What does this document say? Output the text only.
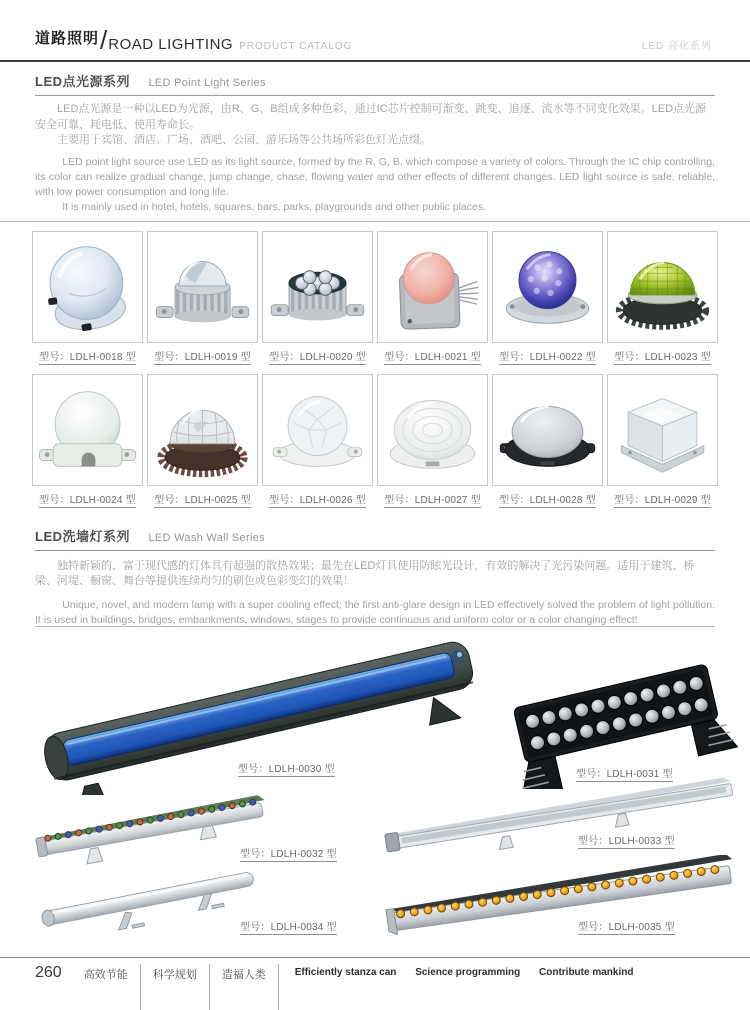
道路照明/ROAD LIGHTING PRODUCT CATALOG	LED 亮化系列
LED点光源系列 LED Point Light Series

LED点光源是一种以LED为光源，由R、G、B组成多种色彩，通过IC芯片控制可渐变、跳变、追逐、流水等不同变化效果。LED点光源安全可靠、耗电低、使用寿命长。

主要用于宾馆、酒店、广场、酒吧、公园、游乐场等公共场所彩色灯光点缀。

LED point light source use LED as its light source, formed by the R, G, B, which compose a variety of colors. Through the IC chip controlling, its color can realize gradual change, jump change, chase, flowing water and other effects of different changes. LED light source is safe, reliable, with low power consumption and long life.

It is mainly used in hotel, hotels, squares, bars, parks, playgrounds and other public places.

型号：LDLH-0018 型	型号：LDLH-0019 型	型号：LDLH-0020 型	型号：LDLH-0021 型	型号：LDLH-0022 型	型号：LDLH-0023 型
型号：LDLH-0024 型	型号：LDLH-0025 型	型号：LDLH-0026 型	型号：LDLH-0027 型	型号：LDLH-0028 型	型号：LDLH-0029 型
LED洗墙灯系列 LED Wash Wall Series

独特新颖的、富于现代感的灯体具有超强的散热效果；最先在LED灯具使用防眩光设计，有效的解决了光污染问题。适用于建筑、桥梁、河堤、橱窗、舞台等提供连续均匀的刷色或色彩变幻的效果！

Unique, novel, and modern lamp with a super cooling effect; the first anti-glare design in LED effectively solved the problem of light pollution. It is used in buildings, bridges, embankments, windows, stages to provide continuous and uniform color or a color changing effect!

型号：LDLH-0030 型	型号：LDLH-0031 型
型号：LDLH-0032 型
型号：LDLH-0033 型
型号：LDLH-0034 型	型号：LDLH-0035 型
260	高效节能	科学规划	造福人类	Efficiently stanza can Science programming Contribute mankind
